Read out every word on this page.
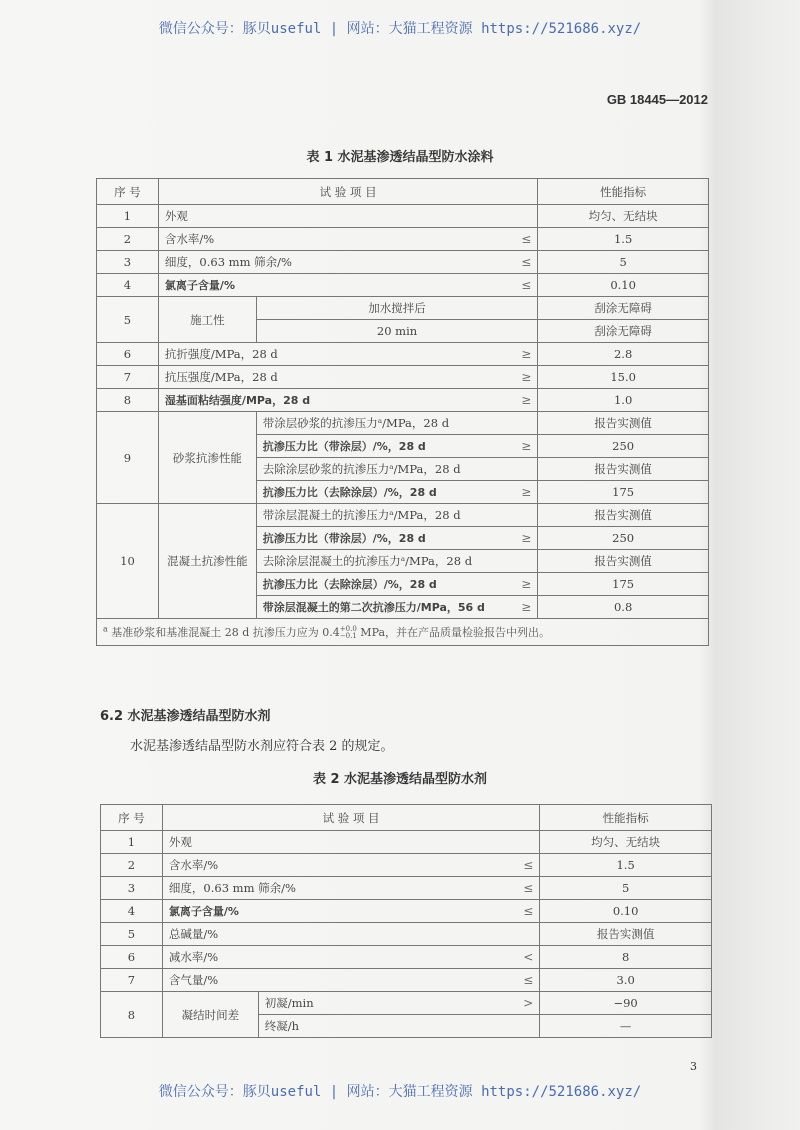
微信公众号：豚贝useful | 网站：大猫工程资源 https://521686.xyz/
GB 18445—2012
表 1 水泥基渗透结晶型防水涂料
序 号	试 验 项 目		性能指标
1	外观		均匀、无结块
2	含水率/% ≤		1.5
3	细度，0.63 mm 筛余/% ≤		5
4	氯离子含量/% ≤		0.10
5	施工性	加水搅拌后	刮涂无障碍
		20 min	刮涂无障碍
6	抗折强度/MPa，28 d ≥		2.8
7	抗压强度/MPa，28 d ≥		15.0
8	湿基面粘结强度/MPa，28 d ≥		1.0
9	砂浆抗渗性能	带涂层砂浆的抗渗压力ᵃ/MPa，28 d	报告实测值

		抗渗压力比（带涂层）/%，28 d ≥	250

		去除涂层砂浆的抗渗压力ᵃ/MPa，28 d	报告实测值

		抗渗压力比（去除涂层）/%，28 d ≥	175
10	混凝土抗渗性能	带涂层混凝土的抗渗压力ᵃ/MPa，28 d	报告实测值

		抗渗压力比（带涂层）/%，28 d ≥	250

		去除涂层混凝土的抗渗压力ᵃ/MPa，28 d	报告实测值

		抗渗压力比（去除涂层）/%，28 d ≥	175

		带涂层混凝土的第二次抗渗压力/MPa，56 d ≥	0.8
$^a$ 基准砂浆和基准混凝土 28 d 抗渗压力应为 0.4 +0.0
−0.1 MPa，并在产品质量检验报告中列出。			
6.2 水泥基渗透结晶型防水剂
水泥基渗透结晶型防水剂应符合表 2 的规定。
表 2 水泥基渗透结晶型防水剂
序 号	试 验 项 目		性能指标
1	外观		均匀、无结块
2	含水率/% ≤		1.5
3	细度，0.63 mm 筛余/% ≤		5
4	氯离子含量/% ≤		0.10
5	总碱量/%		报告实测值
6	减水率/% <		8
7	含气量/% ≤		3.0
8	凝结时间差	初凝/min >	−90

		终凝/h	—
3
微信公众号：豚贝useful | 网站：大猫工程资源 https://521686.xyz/
